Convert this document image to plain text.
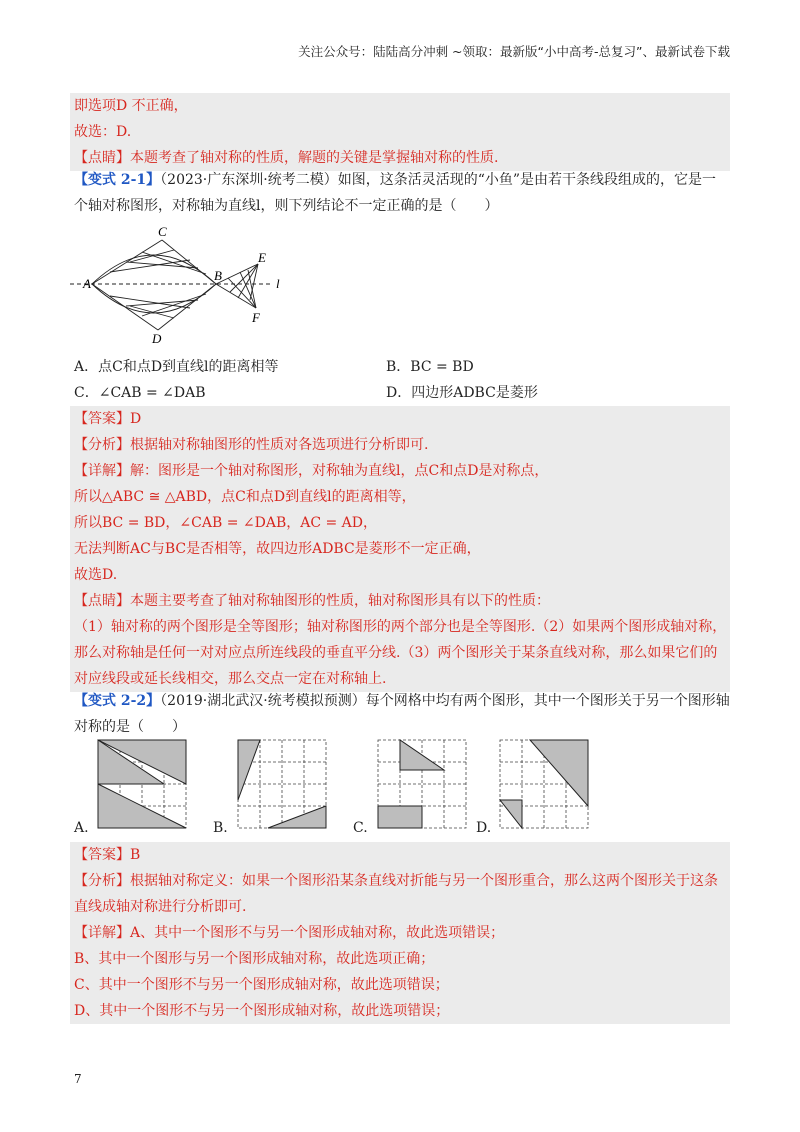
关注公众号：陆陆高分冲刺 ~领取：最新版“小中高考-总复习”、最新试卷下载
即选项D 不正确，
故选：D.
【点睛】本题考查了轴对称的性质，解题的关键是掌握轴对称的性质.
【变式 2-1】（2023·广东深圳·统考二模）如图，这条活灵活现的“小鱼”是由若干条线段组成的，它是一
个轴对称图形，对称轴为直线l，则下列结论不一定正确的是（　　）
A
C
B
E
l
F
D
A．点C和点D到直线l的距离相等	B．BC = BD
C．∠CAB = ∠DAB	D．四边形ADBC是菱形
【答案】D
【分析】根据轴对称轴图形的性质对各选项进行分析即可.
【详解】解：图形是一个轴对称图形，对称轴为直线l，点C和点D是对称点，
所以△ABC ≅ △ABD，点C和点D到直线l的距离相等，
所以BC = BD，∠CAB = ∠DAB，AC = AD，
无法判断AC与BC是否相等，故四边形ADBC是菱形不一定正确，
故选D.
【点睛】本题主要考查了轴对称轴图形的性质，轴对称图形具有以下的性质：
（1）轴对称的两个图形是全等图形；轴对称图形的两个部分也是全等图形.（2）如果两个图形成轴对称，
那么对称轴是任何一对对应点所连线段的垂直平分线.（3）两个图形关于某条直线对称，那么如果它们的
对应线段或延长线相交，那么交点一定在对称轴上.
【变式 2-2】（2019·湖北武汉·统考模拟预测）每个网格中均有两个图形，其中一个图形关于另一个图形轴
对称的是（　　）
A.	B.	C.	D.
【答案】B
【分析】根据轴对称定义：如果一个图形沿某条直线对折能与另一个图形重合，那么这两个图形关于这条
直线成轴对称进行分析即可.
【详解】A、其中一个图形不与另一个图形成轴对称，故此选项错误；
B、其中一个图形与另一个图形成轴对称，故此选项正确；
C、其中一个图形不与另一个图形成轴对称，故此选项错误；
D、其中一个图形不与另一个图形成轴对称，故此选项错误；
7
